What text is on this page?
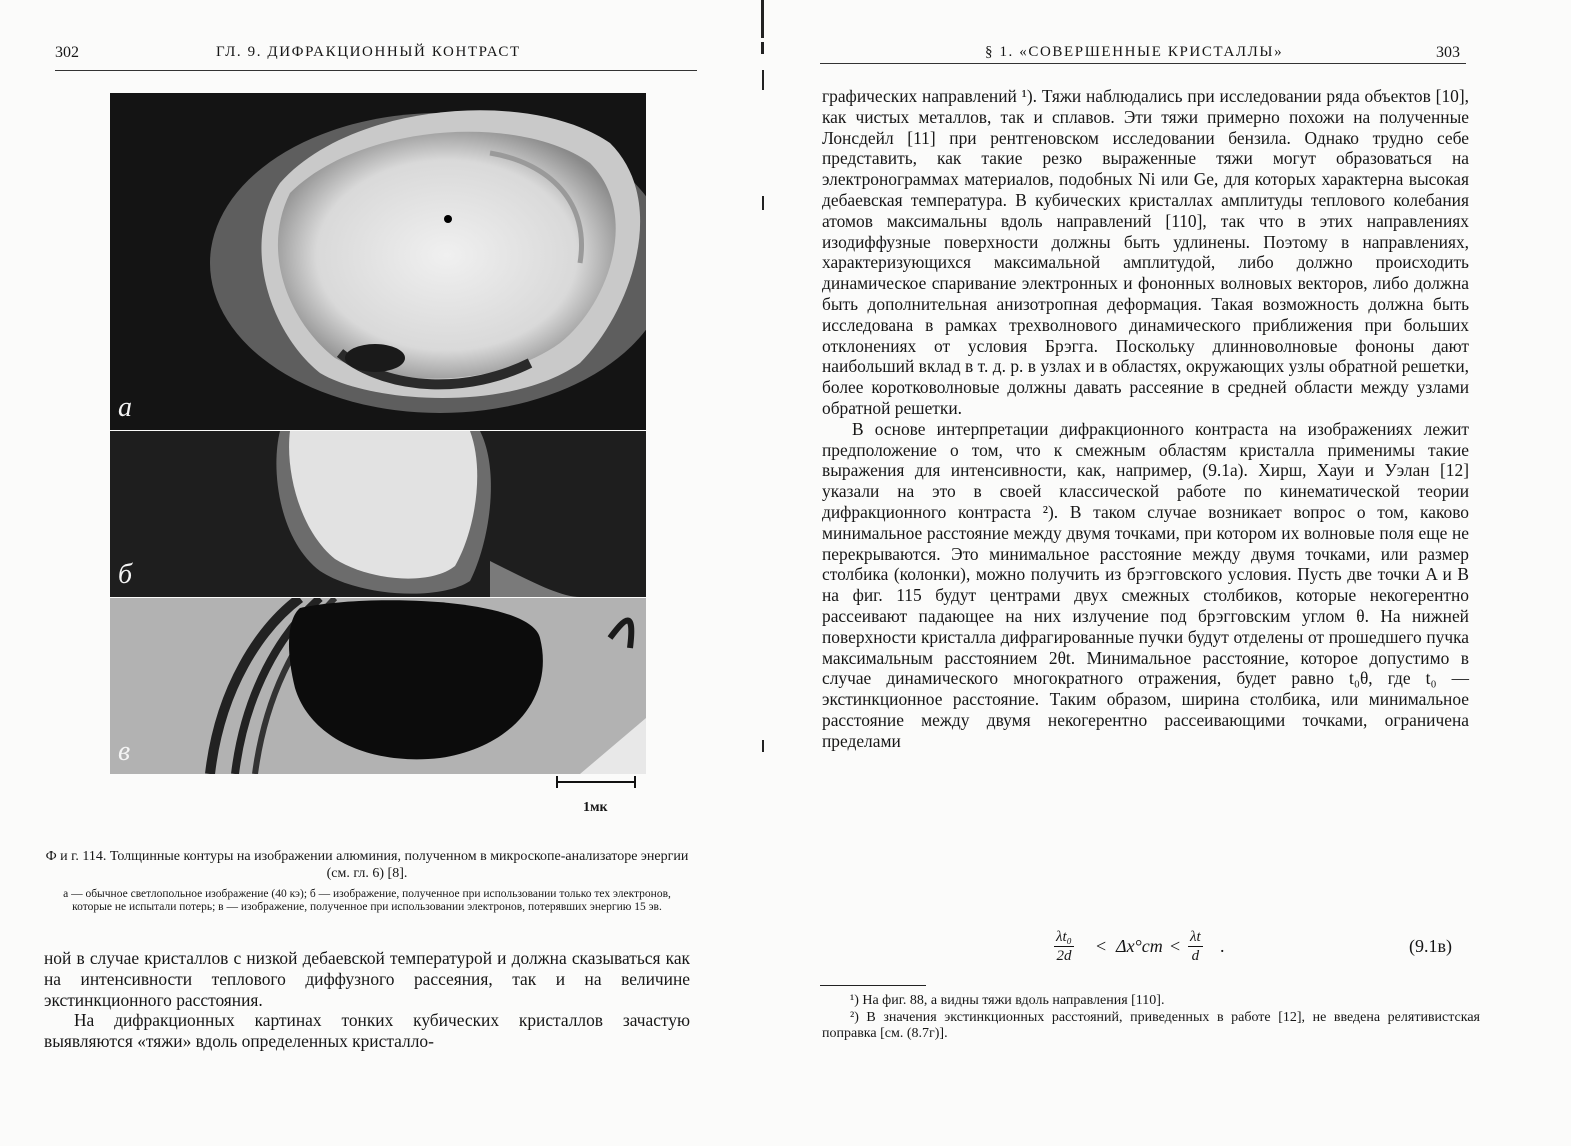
302	ГЛ. 9. ДИФРАКЦИОННЫЙ КОНТРАСТ
а
б
в
1мк
Ф и г. 114. Толщинные контуры на изображении алюминия, полученном в микроскопе-анализаторе энергии (см. гл. 6) [8].
а — обычное светлопольное изображение (40 кэ); б — изображение, полученное при использовании только тех электронов, которые не испытали потерь; в — изображение, полученное при использовании электронов, потерявших энергию 15 эв.

ной в случае кристаллов с низкой дебаевской температурой и должна сказываться как на интенсивности теплового диффузного рассеяния, так и на величине экстинкционного расстояния.

На дифракционных картинах тонких кубических кристаллов зачастую выявляются «тяжи» вдоль определенных кристалло-

§ 1. «СОВЕРШЕННЫЕ КРИСТАЛЛЫ»	303

графических направлений ¹). Тяжи наблюдались при исследовании ряда объектов [10], как чистых металлов, так и сплавов. Эти тяжи примерно похожи на полученные Лонсдейл [11] при рентгеновском исследовании бензила. Однако трудно себе представить, как такие резко выраженные тяжи могут образоваться на электронограммах материалов, подобных Ni или Ge, для которых характерна высокая дебаевская температура. В кубических кристаллах амплитуды теплового колебания атомов максимальны вдоль направлений [110], так что в этих направлениях изодиффузные поверхности должны быть удлинены. Поэтому в направлениях, характеризующихся максимальной амплитудой, либо должно происходить динамическое спаривание электронных и фононных волновых векторов, либо должна быть дополнительная анизотропная деформация. Такая возможность должна быть исследована в рамках трехволнового динамического приближения при больших отклонениях от условия Брэгга. Поскольку длинноволновые фононы дают наибольший вклад в т. д. р. в узлах и в областях, окружающих узлы обратной решетки, более коротковолновые должны давать рассеяние в средней области между узлами обратной решетки.

В основе интерпретации дифракционного контраста на изображениях лежит предположение о том, что к смежным областям кристалла применимы такие выражения для интенсивности, как, например, (9.1а). Хирш, Хауи и Уэлан [12] указали на это в своей классической работе по кинематической теории дифракционного контраста ²). В таком случае возникает вопрос о том, каково минимальное расстояние между двумя точками, при котором их волновые поля еще не перекрываются. Это минимальное расстояние между двумя точками, или размер столбика (колонки), можно получить из брэгговского условия. Пусть две точки A и B на фиг. 115 будут центрами двух смежных столбиков, которые некогерентно рассеивают падающее на них излучение под брэгговским углом θ. На нижней поверхности кристалла дифрагированные пучки будут отделены от прошедшего пучка максимальным расстоянием 2θt. Минимальное расстояние, которое допустимо в случае динамического многократного отражения, будет равно t₀θ, где t₀ — экстинкционное расстояние. Таким образом, ширина столбика, или минимальное расстояние между двумя некогерентно рассеивающими точками, ограничена пределами

$\frac{\text{λt₀}}{2d} < \Delta x^\circ ст < \frac{\lambda t}{d}$ .	(9.1в)

¹) На фиг. 88, а видны тяжи вдоль направления [110].

²) В значения экстинкционных расстояний, приведенных в работе [12], не введена релятивистская поправка [см. (8.7г)].
